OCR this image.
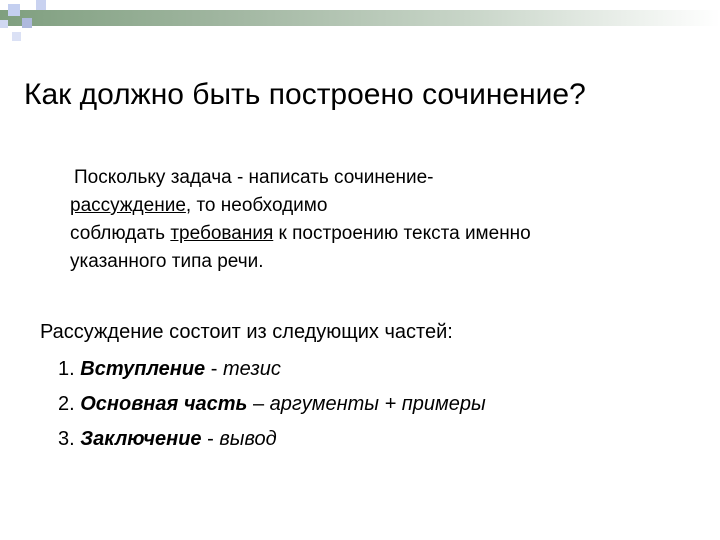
Как должно быть построено сочинение?
Поскольку задача - написать сочинение-
рассуждение, то необходимо
соблюдать требования к построению текста именно
указанного типа речи.
Рассуждение состоит из следующих частей:
1. Вступление - тезис
2. Основная часть – аргументы + примеры
3. Заключение - вывод
